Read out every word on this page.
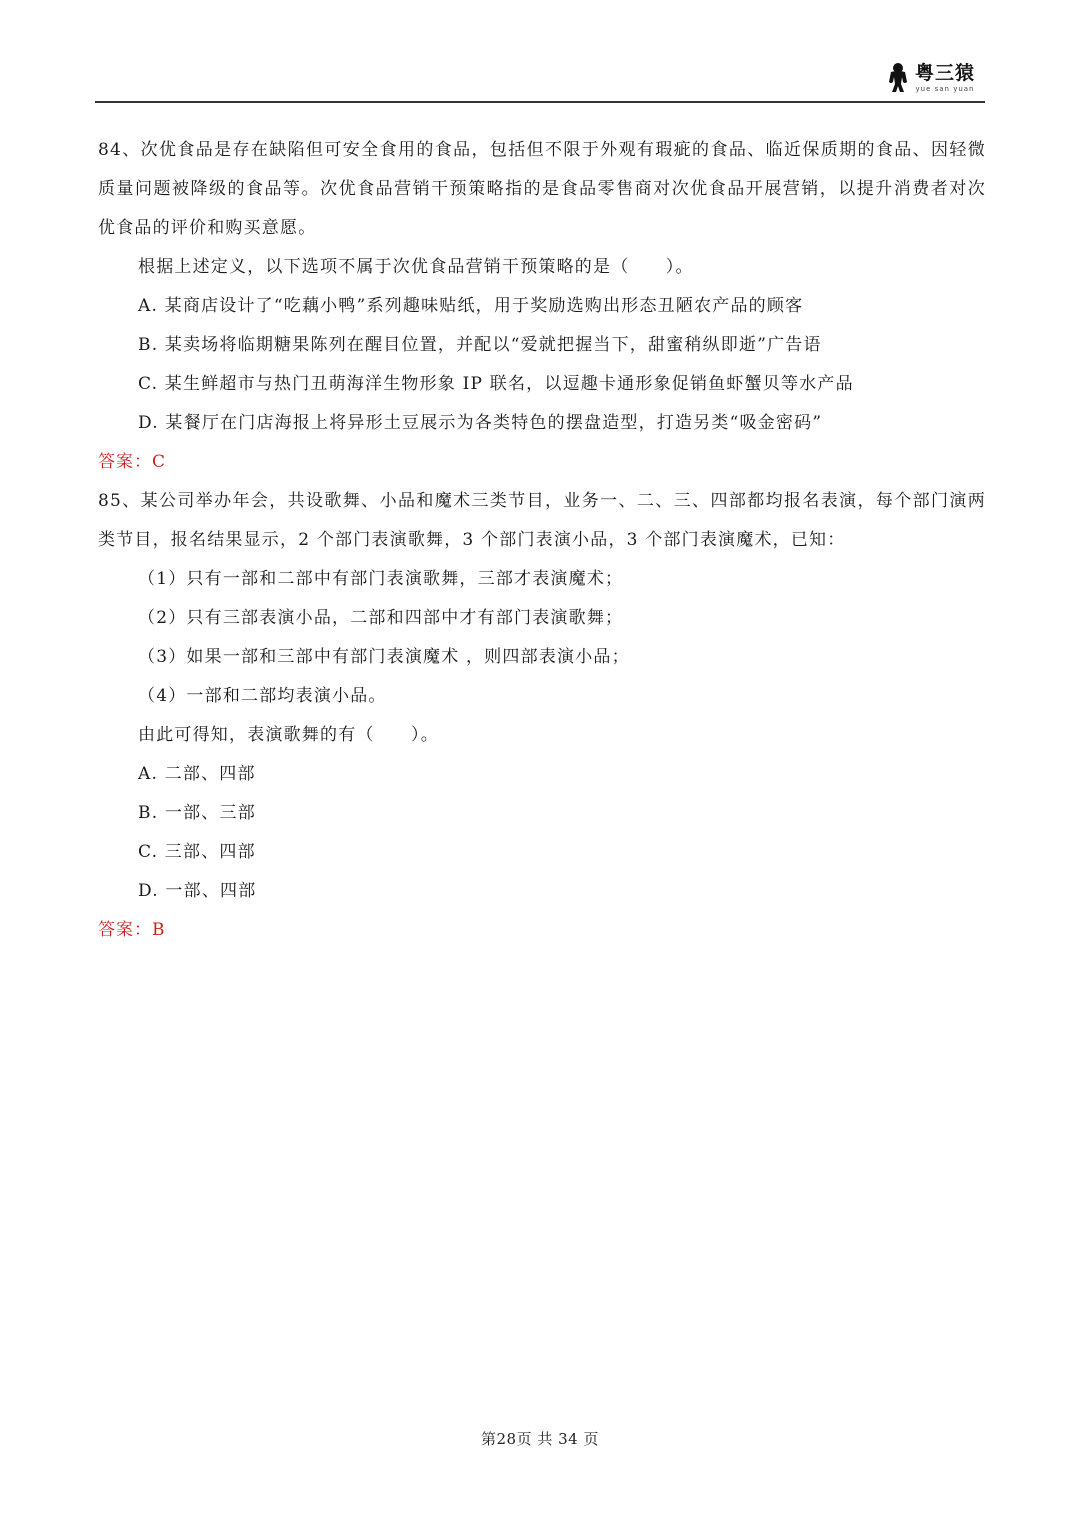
粤三猿
yue san yuan

84、次优食品是存在缺陷但可安全食用的食品，包括但不限于外观有瑕疵的食品、临近保质期的食品、因轻微质量问题被降级的食品等。次优食品营销干预策略指的是食品零售商对次优食品开展营销，以提升消费者对次优食品的评价和购买意愿。

根据上述定义，以下选项不属于次优食品营销干预策略的是（　　）。

A. 某商店设计了“吃藕小鸭”系列趣味贴纸，用于奖励选购出形态丑陋农产品的顾客

B. 某卖场将临期糖果陈列在醒目位置，并配以“爱就把握当下，甜蜜稍纵即逝”广告语

C. 某生鲜超市与热门丑萌海洋生物形象 IP 联名，以逗趣卡通形象促销鱼虾蟹贝等水产品

D. 某餐厅在门店海报上将异形土豆展示为各类特色的摆盘造型，打造另类“吸金密码”

答案：C

85、某公司举办年会，共设歌舞、小品和魔术三类节目，业务一、二、三、四部都均报名表演，每个部门演两类节目，报名结果显示，2 个部门表演歌舞，3 个部门表演小品，3 个部门表演魔术，已知：

（1）只有一部和二部中有部门表演歌舞，三部才表演魔术；

（2）只有三部表演小品，二部和四部中才有部门表演歌舞；

（3）如果一部和三部中有部门表演魔术 ，则四部表演小品；

（4）一部和二部均表演小品。

由此可得知，表演歌舞的有（　　）。

A. 二部、四部

B. 一部、三部

C. 三部、四部

D. 一部、四部

答案：B

第28页 共 34 页
